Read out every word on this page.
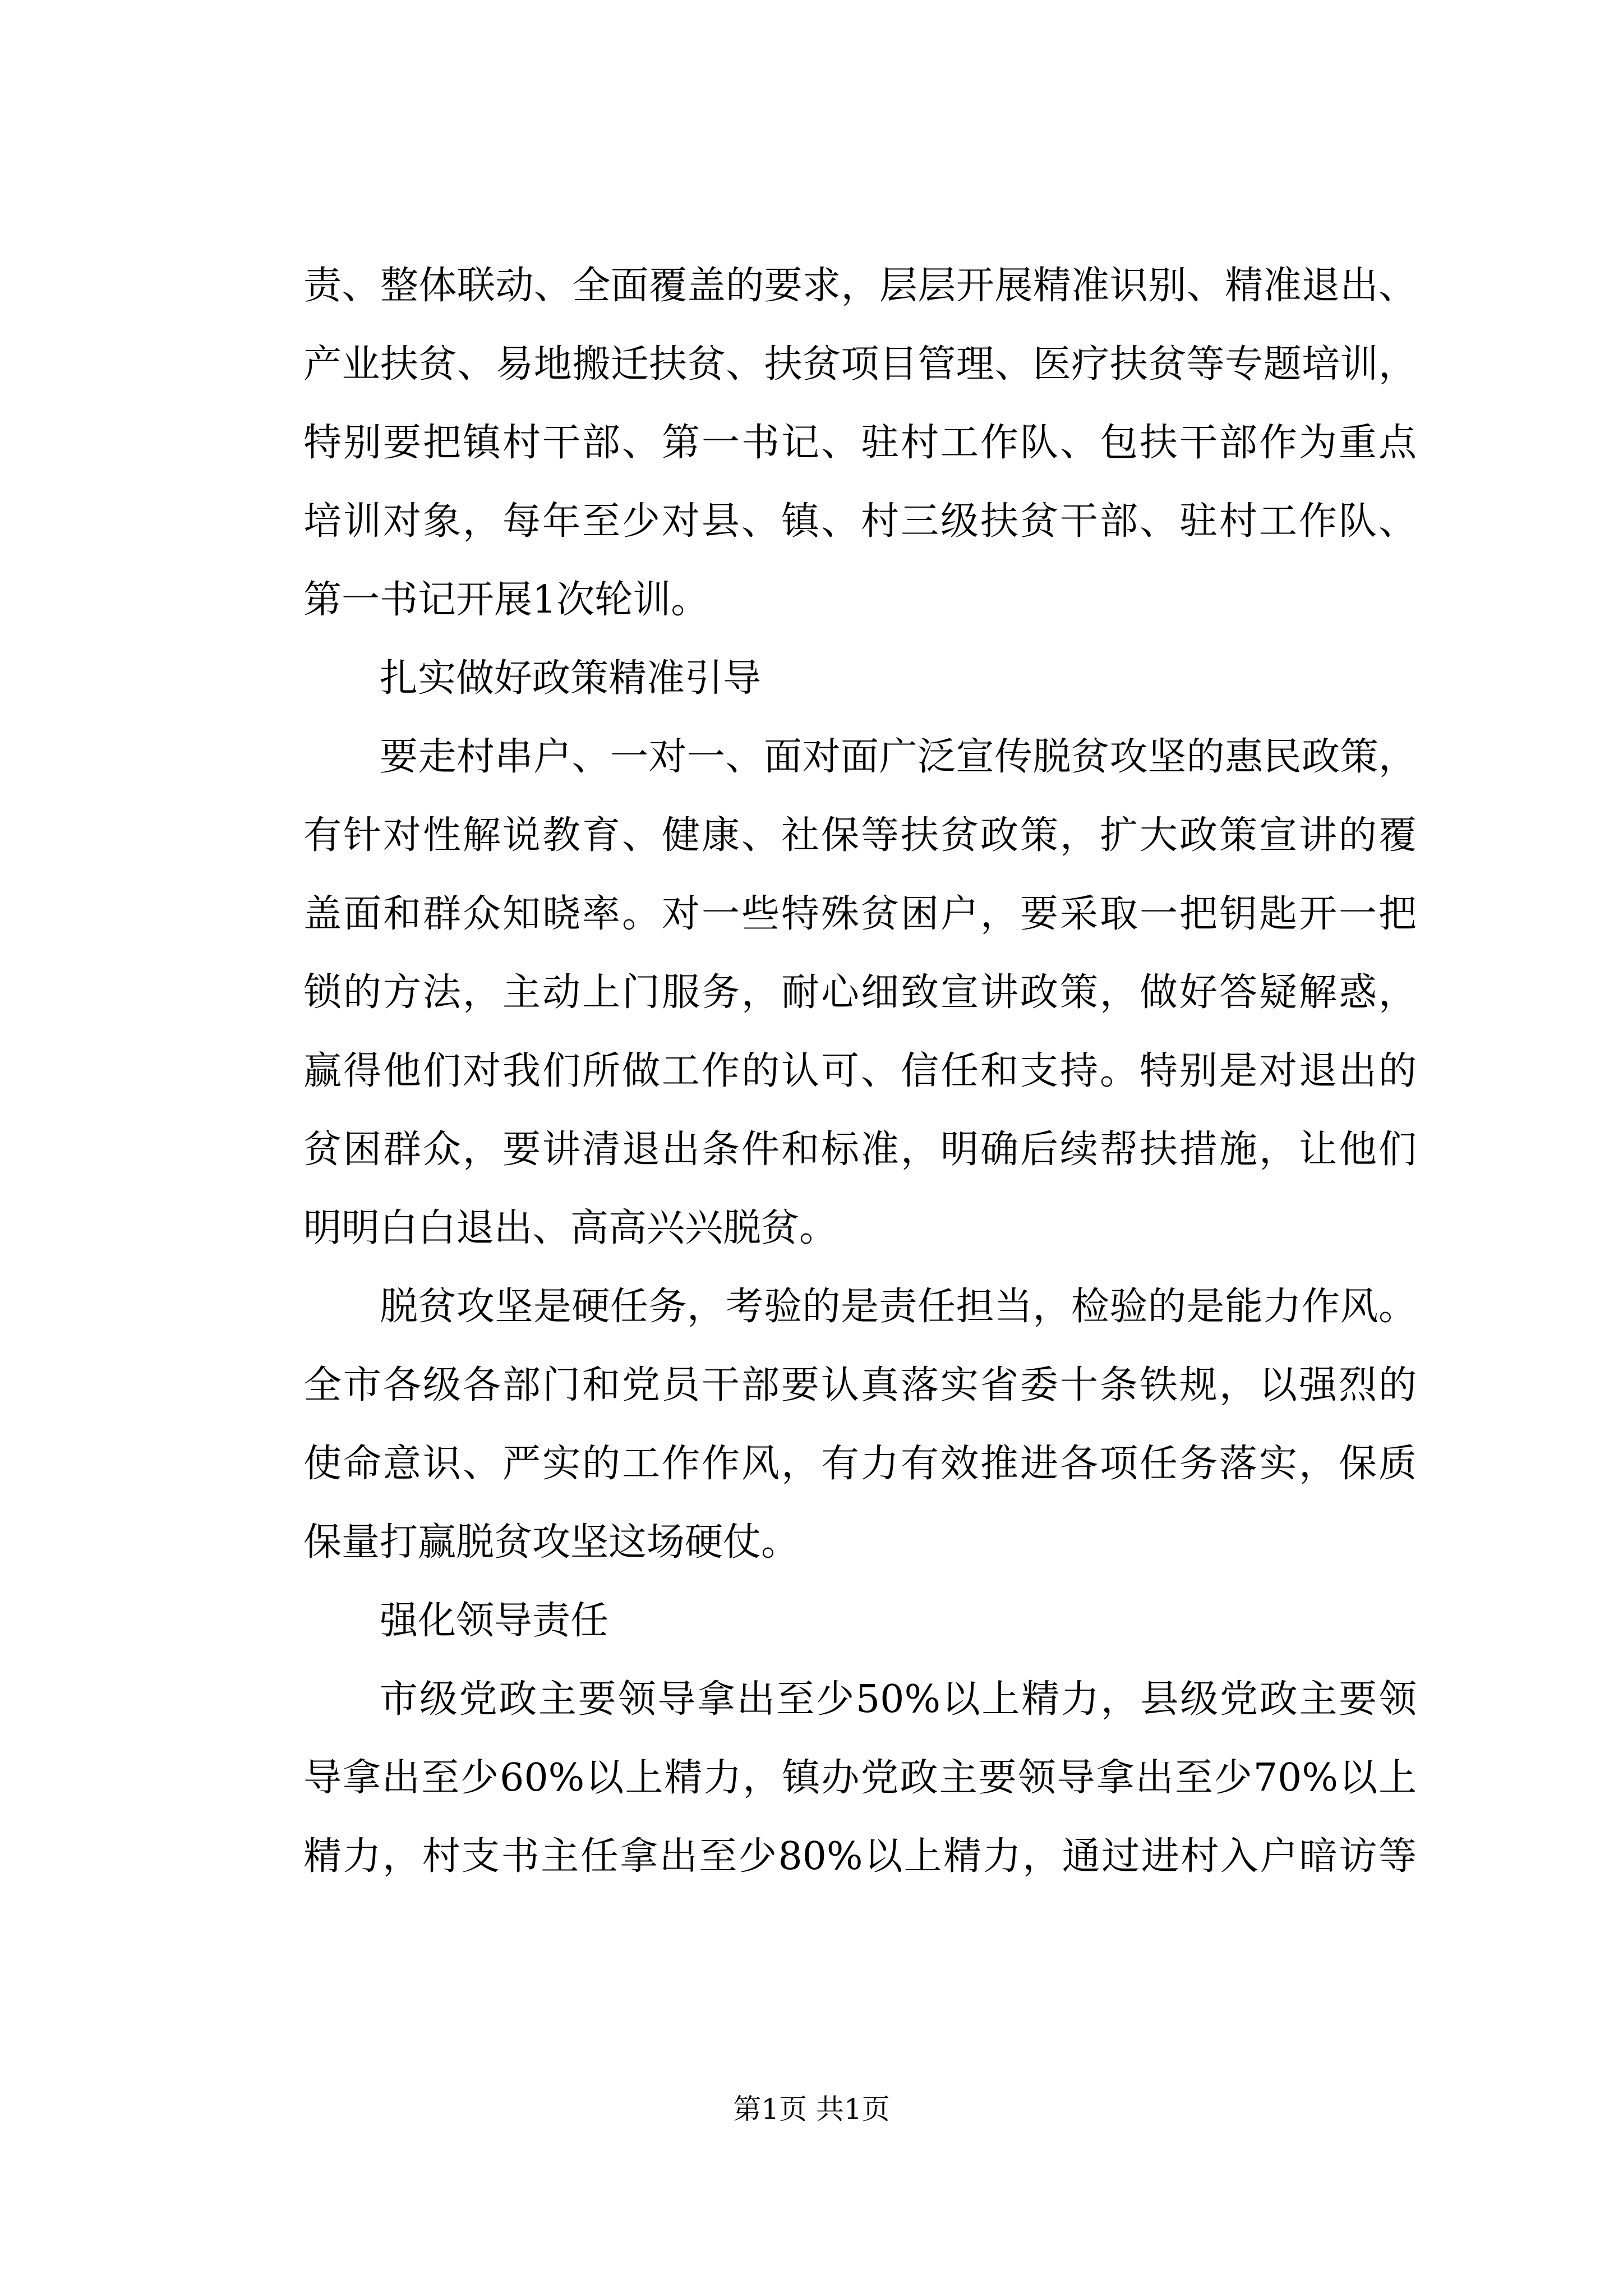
责、整体联动、全面覆盖的要求，层层开展精准识别、精准退出、
产业扶贫、易地搬迁扶贫、扶贫项目管理、医疗扶贫等专题培训，
特别要把镇村干部、第一书记、驻村工作队、包扶干部作为重点
培训对象，每年至少对县、镇、村三级扶贫干部、驻村工作队、
第一书记开展1次轮训。
扎实做好政策精准引导
要走村串户、一对一、面对面广泛宣传脱贫攻坚的惠民政策，
有针对性解说教育、健康、社保等扶贫政策，扩大政策宣讲的覆
盖面和群众知晓率。对一些特殊贫困户，要采取一把钥匙开一把
锁的方法，主动上门服务，耐心细致宣讲政策，做好答疑解惑，
赢得他们对我们所做工作的认可、信任和支持。特别是对退出的
贫困群众，要讲清退出条件和标准，明确后续帮扶措施，让他们
明明白白退出、高高兴兴脱贫。
脱贫攻坚是硬任务，考验的是责任担当，检验的是能力作风。
全市各级各部门和党员干部要认真落实省委十条铁规，以强烈的
使命意识、严实的工作作风，有力有效推进各项任务落实，保质
保量打赢脱贫攻坚这场硬仗。
强化领导责任
市级党政主要领导拿出至少50%以上精力，县级党政主要领
导拿出至少60%以上精力，镇办党政主要领导拿出至少70%以上
精力，村支书主任拿出至少80%以上精力，通过进村入户暗访等
第1页 共1页
